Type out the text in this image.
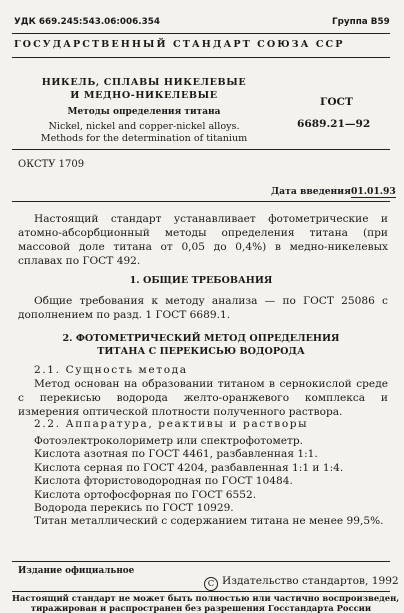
УДК 669.245:543.06:006.354	Группа В59
ГОСУДАРСТВЕННЫЙ СТАНДАРТ СОЮЗА ССР
НИКЕЛЬ, СПЛАВЫ НИКЕЛЕВЫЕ
И МЕДНО-НИКЕЛЕВЫЕ
Методы определения титана
Nickel, nickel and copper-nickel alloys.
Methods for the determination of titanium
ГОСТ
6689.21—92
ОКСТУ 1709
Дата введения 01.01.93
Настоящий стандарт устанавливает фотометрические и атомно-абсорбционный методы определения титана (при массовой доле титана от 0,05 до 0,4%) в медно-никелевых сплавах по ГОСТ 492.
1. ОБЩИЕ ТРЕБОВАНИЯ
Общие требования к методу анализа — по ГОСТ 25086 с дополнением по разд. 1 ГОСТ 6689.1.
2. ФОТОМЕТРИЧЕСКИЙ МЕТОД ОПРЕДЕЛЕНИЯ
ТИТАНА С ПЕРЕКИСЬЮ ВОДОРОДА
2.1. Сущность метода
Метод основан на образовании титаном в сернокислой среде с перекисью водорода желто-оранжевого комплекса и измерения оптической плотности полученного раствора.
2.2. Аппаратура, реактивы и растворы
Фотоэлектроколориметр или спектрофотометр.
Кислота азотная по ГОСТ 4461, разбавленная 1:1.
Кислота серная по ГОСТ 4204, разбавленная 1:1 и 1:4.
Кислота фтористоводородная по ГОСТ 10484.
Кислота ортофосфорная по ГОСТ 6552.
Водорода перекись по ГОСТ 10929.
Титан металлический с содержанием титана не менее 99,5%.
Издание официальное
C Издательство стандартов, 1992
Настоящий стандарт не может быть полностью или частично воспроизведен,
тиражирован и распространен без разрешения Госстандарта России
